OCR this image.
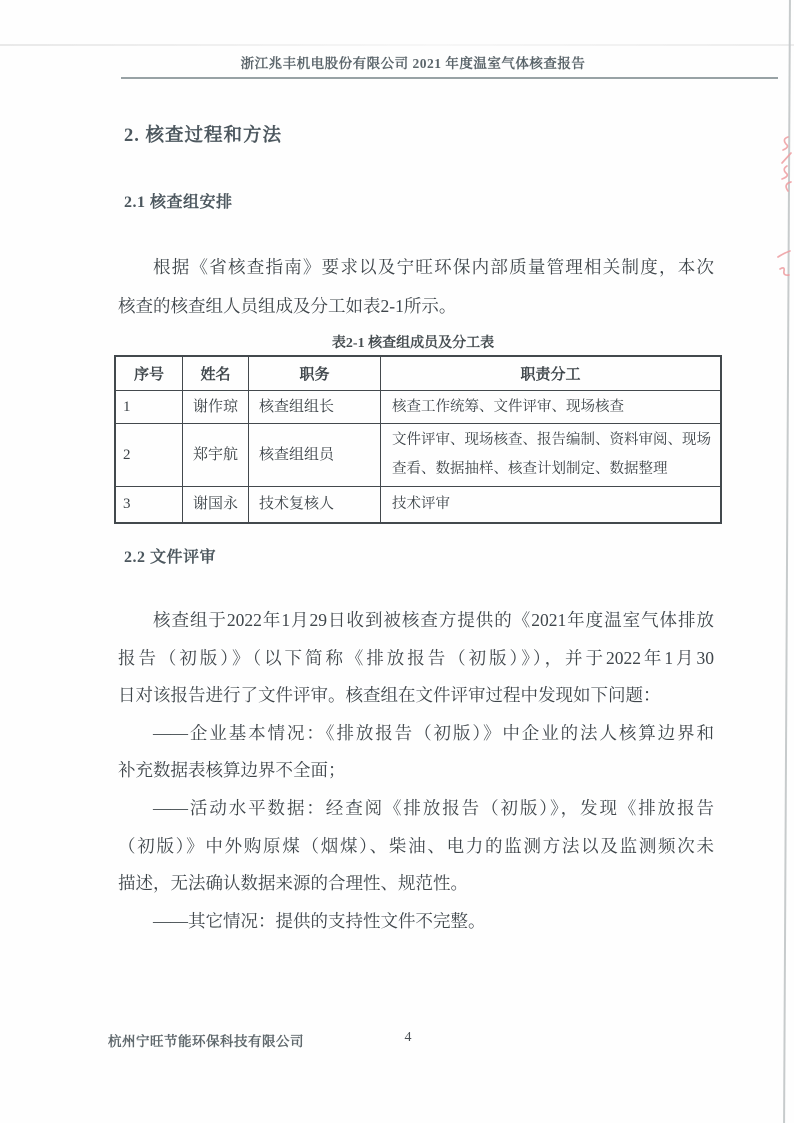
浙江兆丰机电股份有限公司 2021 年度温室气体核查报告
2. 核查过程和方法
2.1 核查组安排
根据《省核查指南》要求以及宁旺环保内部质量管理相关制度，本次
核查的核查组人员组成及分工如表2-1所示。
表2-1 核查组成员及分工表
序号	姓名	职务	职责分工
1	谢作琼	核查组组长	核查工作统筹、文件评审、现场核查
2	郑宇航	核查组组员	文件评审、现场核查、报告编制、资料审阅、现场查看、数据抽样、核查计划制定、数据整理
3	谢国永	技术复核人	技术评审
2.2 文件评审
核查组于2022年1月29日收到被核查方提供的《2021年度温室气体排放
报告（初版）》（以下简称《排放报告（初版）》），并于2022年1月30
日对该报告进行了文件评审。核查组在文件评审过程中发现如下问题：
——企业基本情况：《排放报告（初版）》中企业的法人核算边界和
补充数据表核算边界不全面；
——活动水平数据：经查阅《排放报告（初版）》，发现《排放报告
（初版）》中外购原煤（烟煤）、柴油、电力的监测方法以及监测频次未
描述，无法确认数据来源的合理性、规范性。
——其它情况：提供的支持性文件不完整。
杭州宁旺节能环保科技有限公司	4
